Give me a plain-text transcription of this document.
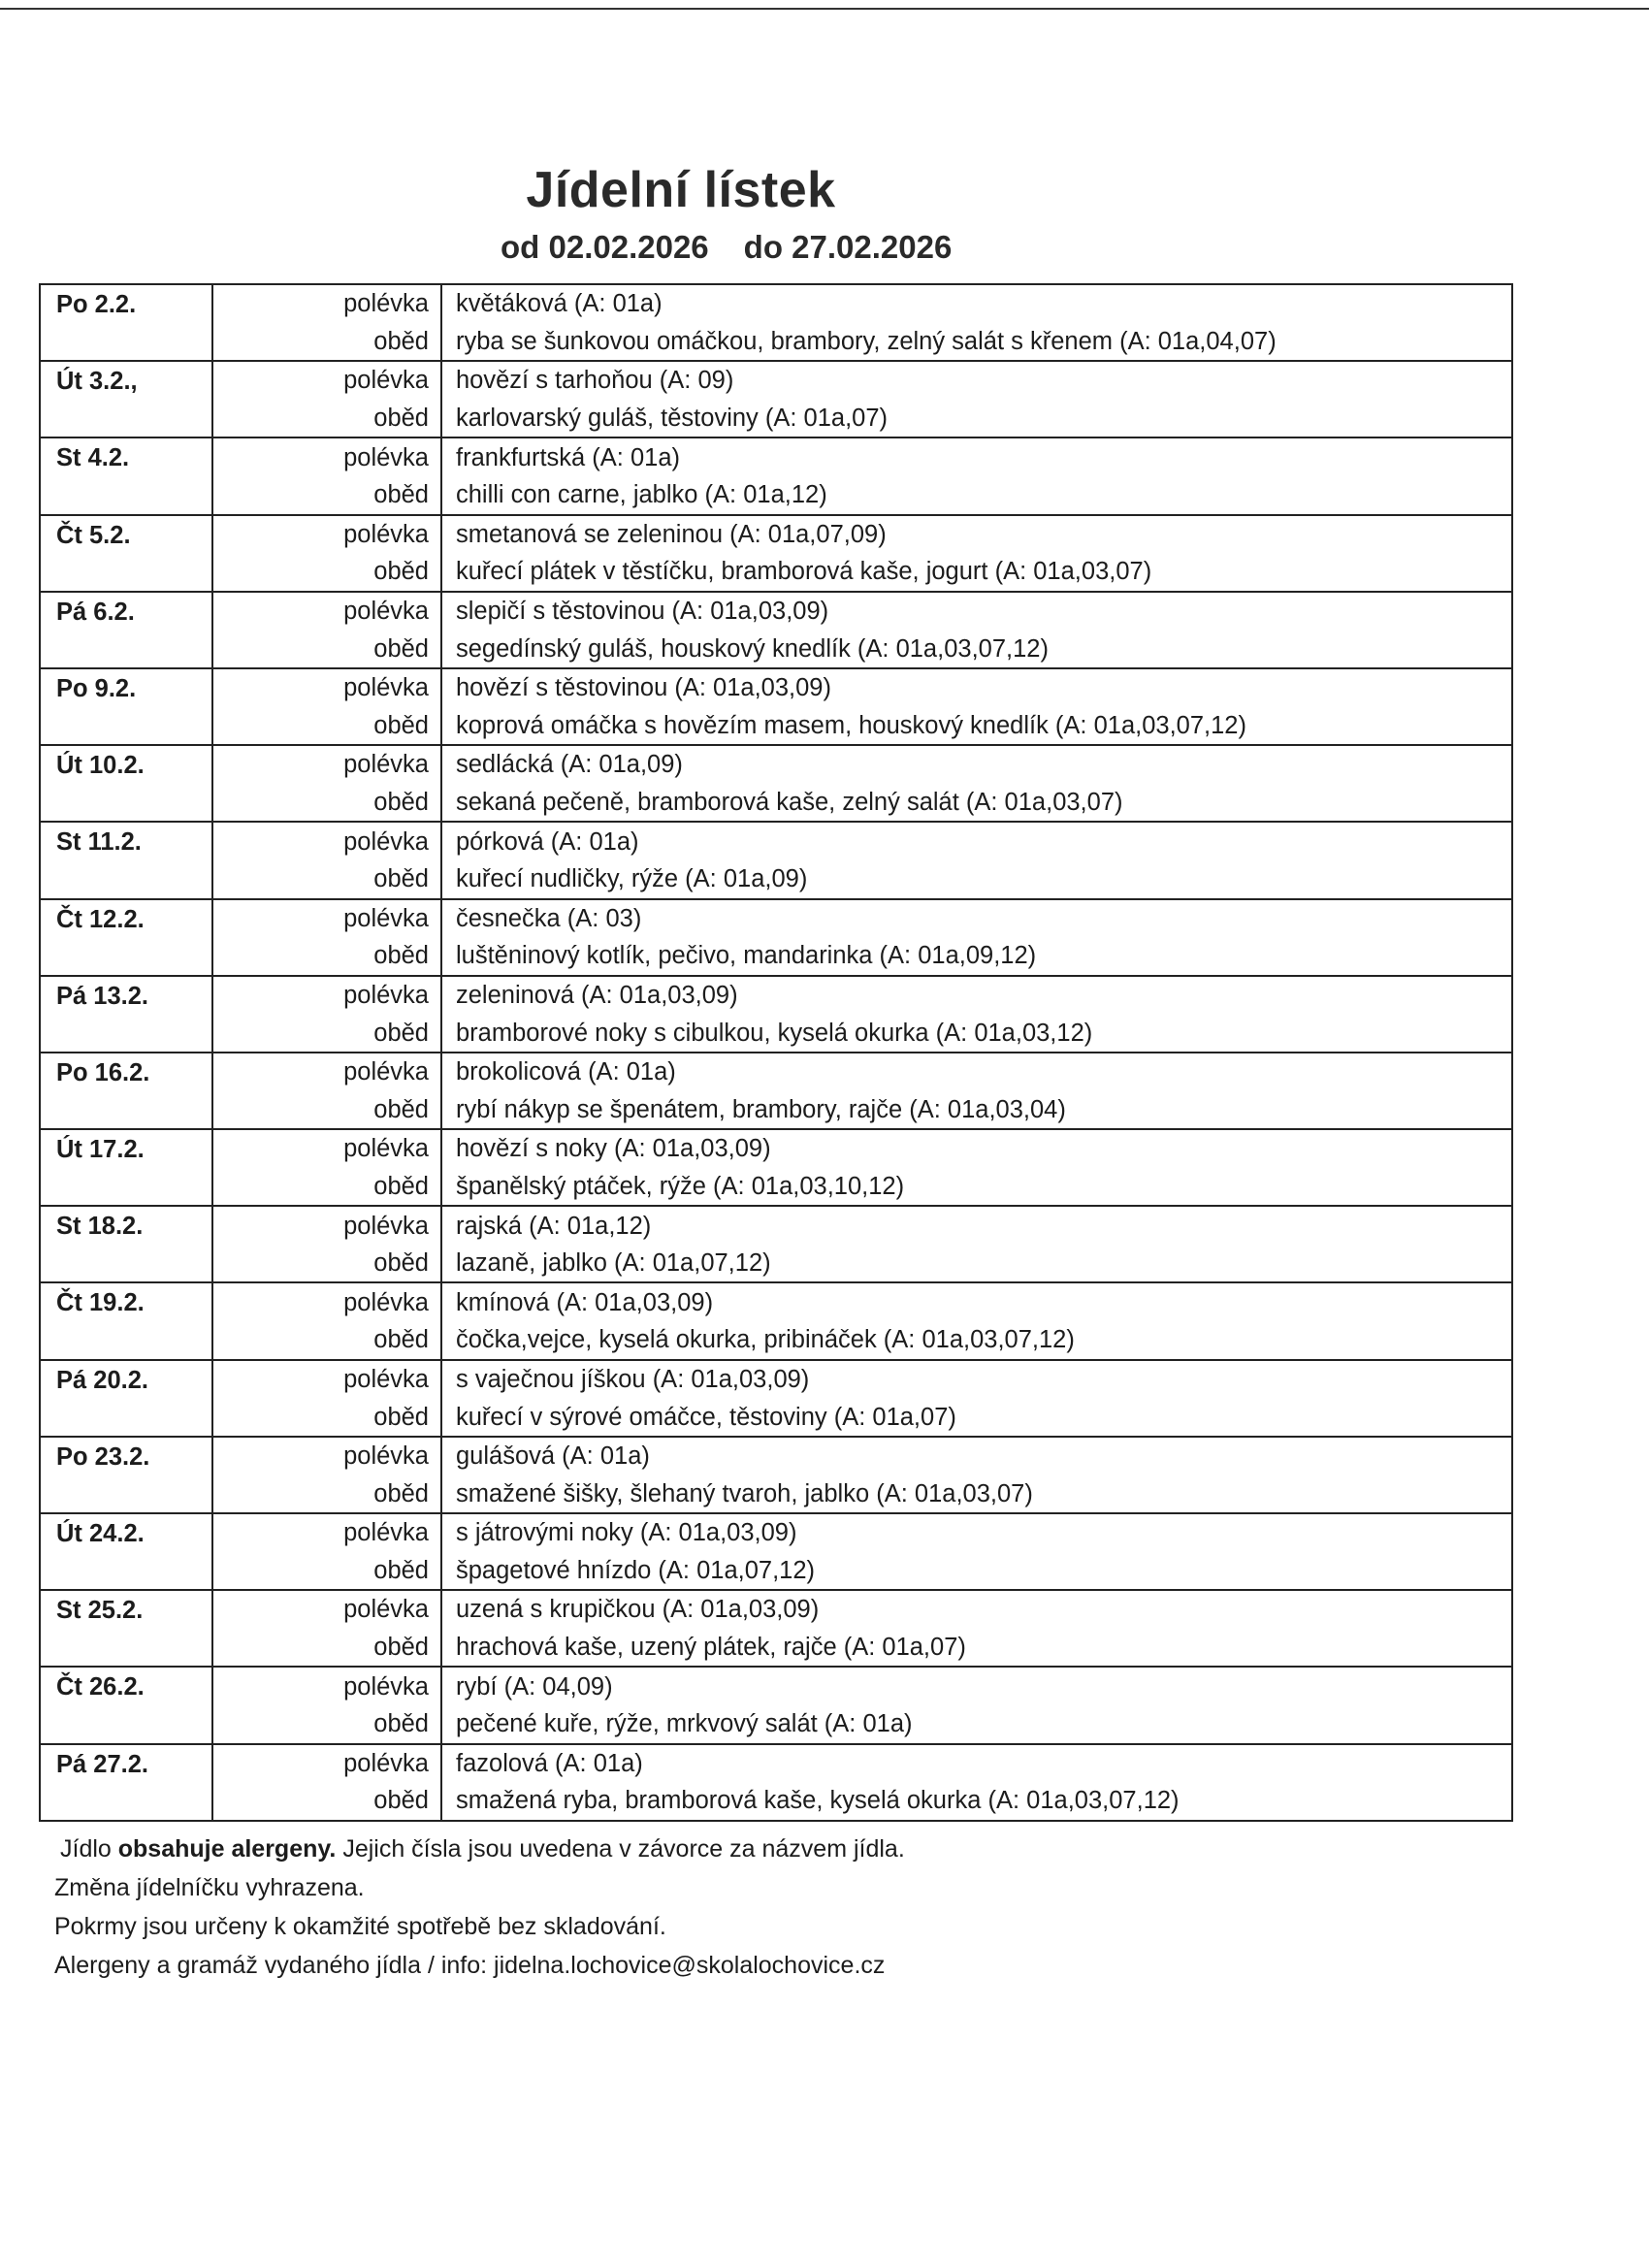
Jídelní lístek
od 02.02.2026 do 27.02.2026
Po 2.2.	polévka	květáková (A: 01a)
	oběd	ryba se šunkovou omáčkou, brambory, zelný salát s křenem (A: 01a,04,07)
Út 3.2.,	polévka	hovězí s tarhoňou (A: 09)
	oběd	karlovarský guláš, těstoviny (A: 01a,07)
St 4.2.	polévka	frankfurtská (A: 01a)
	oběd	chilli con carne, jablko (A: 01a,12)
Čt 5.2.	polévka	smetanová se zeleninou (A: 01a,07,09)
	oběd	kuřecí plátek v těstíčku, bramborová kaše, jogurt (A: 01a,03,07)
Pá 6.2.	polévka	slepičí s těstovinou (A: 01a,03,09)
	oběd	segedínský guláš, houskový knedlík (A: 01a,03,07,12)
Po 9.2.	polévka	hovězí s těstovinou (A: 01a,03,09)
	oběd	koprová omáčka s hovězím masem, houskový knedlík (A: 01a,03,07,12)
Út 10.2.	polévka	sedlácká (A: 01a,09)
	oběd	sekaná pečeně, bramborová kaše, zelný salát (A: 01a,03,07)
St 11.2.	polévka	pórková (A: 01a)
	oběd	kuřecí nudličky, rýže (A: 01a,09)
Čt 12.2.	polévka	česnečka (A: 03)
	oběd	luštěninový kotlík, pečivo, mandarinka (A: 01a,09,12)
Pá 13.2.	polévka	zeleninová (A: 01a,03,09)
	oběd	bramborové noky s cibulkou, kyselá okurka (A: 01a,03,12)
Po 16.2.	polévka	brokolicová (A: 01a)
	oběd	rybí nákyp se špenátem, brambory, rajče (A: 01a,03,04)
Út 17.2.	polévka	hovězí s noky (A: 01a,03,09)
	oběd	španělský ptáček, rýže (A: 01a,03,10,12)
St 18.2.	polévka	rajská (A: 01a,12)
	oběd	lazaně, jablko (A: 01a,07,12)
Čt 19.2.	polévka	kmínová (A: 01a,03,09)
	oběd	čočka,vejce, kyselá okurka, pribináček (A: 01a,03,07,12)
Pá 20.2.	polévka	s vaječnou jíškou (A: 01a,03,09)
	oběd	kuřecí v sýrové omáčce, těstoviny (A: 01a,07)
Po 23.2.	polévka	gulášová (A: 01a)
	oběd	smažené šišky, šlehaný tvaroh, jablko (A: 01a,03,07)
Út 24.2.	polévka	s játrovými noky (A: 01a,03,09)
	oběd	špagetové hnízdo (A: 01a,07,12)
St 25.2.	polévka	uzená s krupičkou (A: 01a,03,09)
	oběd	hrachová kaše, uzený plátek, rajče (A: 01a,07)
Čt 26.2.	polévka	rybí (A: 04,09)
	oběd	pečené kuře, rýže, mrkvový salát (A: 01a)
Pá 27.2.	polévka	fazolová (A: 01a)
	oběd	smažená ryba, bramborová kaše, kyselá okurka (A: 01a,03,07,12)
Jídlo obsahuje alergeny. Jejich čísla jsou uvedena v závorce za názvem jídla.
Změna jídelníčku vyhrazena.
Pokrmy jsou určeny k okamžité spotřebě bez skladování.
Alergeny a gramáž vydaného jídla / info: jidelna.lochovice@skolalochovice.cz
